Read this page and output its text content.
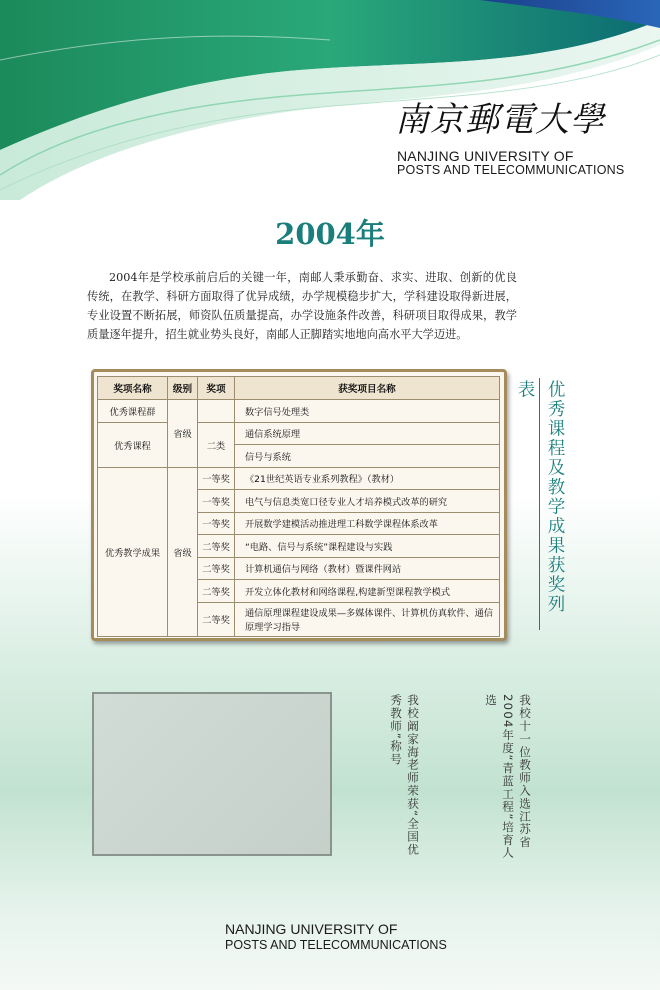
南京郵電大學
NANJING UNIVERSITY OF
POSTS AND TELECOMMUNICATIONS
2004年
2004年是学校承前启后的关键一年，南邮人秉承勤奋、求实、进取、创新的优良传统，在教学、科研方面取得了优异成绩，办学规模稳步扩大，学科建设取得新进展，专业设置不断拓展，师资队伍质量提高，办学设施条件改善，科研项目取得成果，教学质量逐年提升，招生就业势头良好，南邮人正脚踏实地地向高水平大学迈进。
奖项名称	级别	奖项	获奖项目名称
优秀课程群	省级		数字信号处理类
优秀课程		二类	通信系统原理
			信号与系统
优秀教学成果	省级	一等奖	《21世纪英语专业系列教程》（教材）
		一等奖	电气与信息类宽口径专业人才培养模式改革的研究
		一等奖	开展数学建模活动推进理工科数学课程体系改革
		二等奖	“电路、信号与系统”课程建设与实践
		二等奖	计算机通信与网络（教材）暨课件网站
		二等奖	开发立体化教材和网络课程,构建新型课程教学模式
		二等奖	通信原理课程建设成果—多媒体课件、计算机仿真软件、通信原理学习指导
优秀课程及教学成果获奖列表
我校阚家海老师荣获“全国优秀教师”称号	我校十一位教师入选江苏省2004年度“青蓝工程”培育人选
NANJING UNIVERSITY OF
POSTS AND TELECOMMUNICATIONS
